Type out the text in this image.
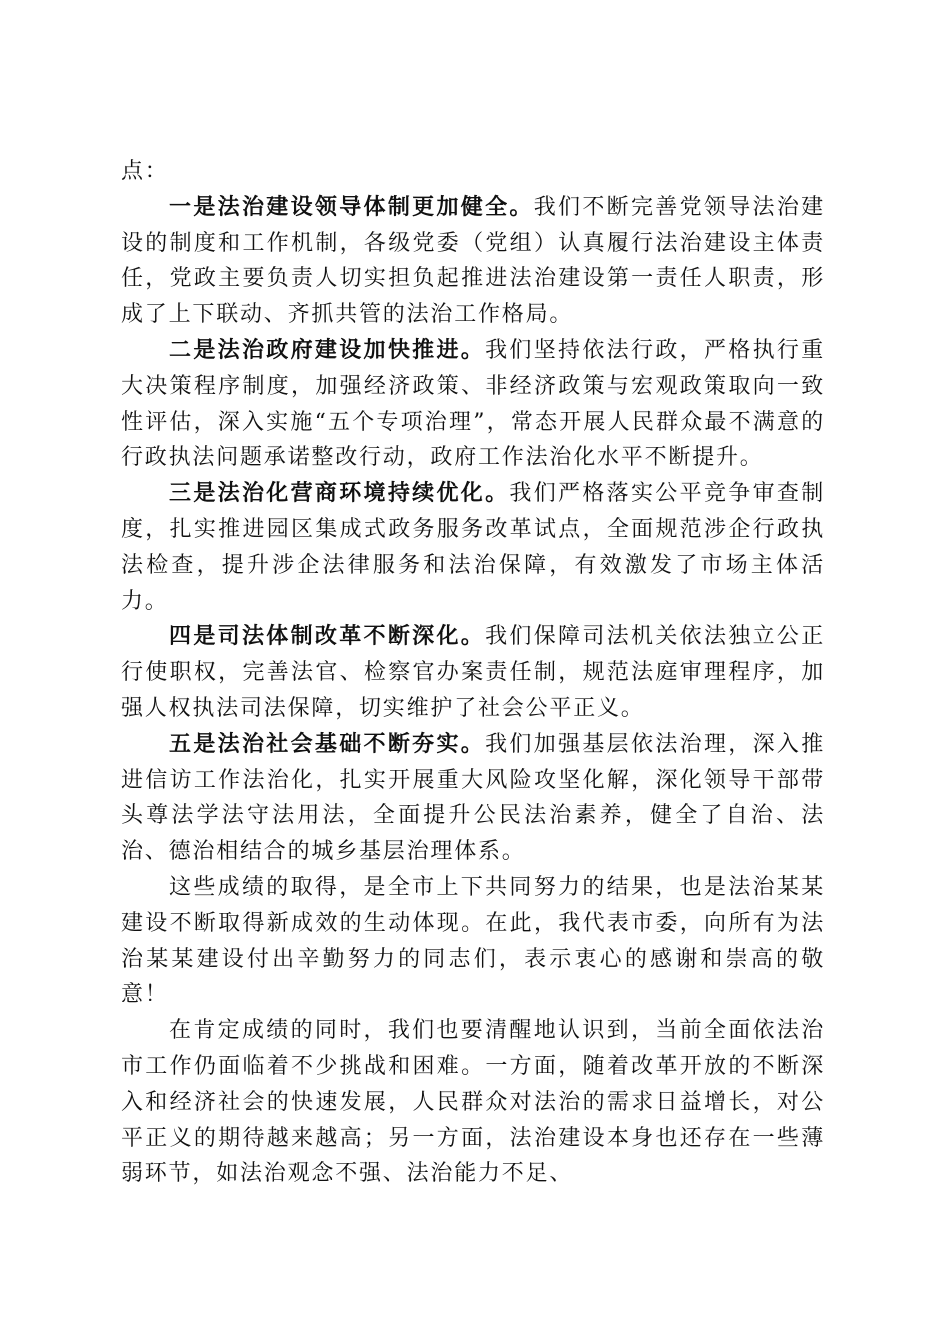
点：

一是法治建设领导体制更加健全。我们不断完善党领导法治建设的制度和工作机制，各级党委（党组）认真履行法治建设主体责任，党政主要负责人切实担负起推进法治建设第一责任人职责，形成了上下联动、齐抓共管的法治工作格局。

二是法治政府建设加快推进。我们坚持依法行政，严格执行重大决策程序制度，加强经济政策、非经济政策与宏观政策取向一致性评估，深入实施“五个专项治理”，常态开展人民群众最不满意的行政执法问题承诺整改行动，政府工作法治化水平不断提升。

三是法治化营商环境持续优化。我们严格落实公平竞争审查制度，扎实推进园区集成式政务服务改革试点，全面规范涉企行政执法检查，提升涉企法律服务和法治保障，有效激发了市场主体活力。

四是司法体制改革不断深化。我们保障司法机关依法独立公正行使职权，完善法官、检察官办案责任制，规范法庭审理程序，加强人权执法司法保障，切实维护了社会公平正义。

五是法治社会基础不断夯实。我们加强基层依法治理，深入推进信访工作法治化，扎实开展重大风险攻坚化解，深化领导干部带头尊法学法守法用法，全面提升公民法治素养，健全了自治、法治、德治相结合的城乡基层治理体系。

这些成绩的取得，是全市上下共同努力的结果，也是法治某某建设不断取得新成效的生动体现。在此，我代表市委，向所有为法治某某建设付出辛勤努力的同志们，表示衷心的感谢和崇高的敬意！

在肯定成绩的同时，我们也要清醒地认识到，当前全面依法治市工作仍面临着不少挑战和困难。一方面，随着改革开放的不断深入和经济社会的快速发展，人民群众对法治的需求日益增长，对公平正义的期待越来越高；另一方面，法治建设本身也还存在一些薄弱环节，如法治观念不强、法治能力不足、
